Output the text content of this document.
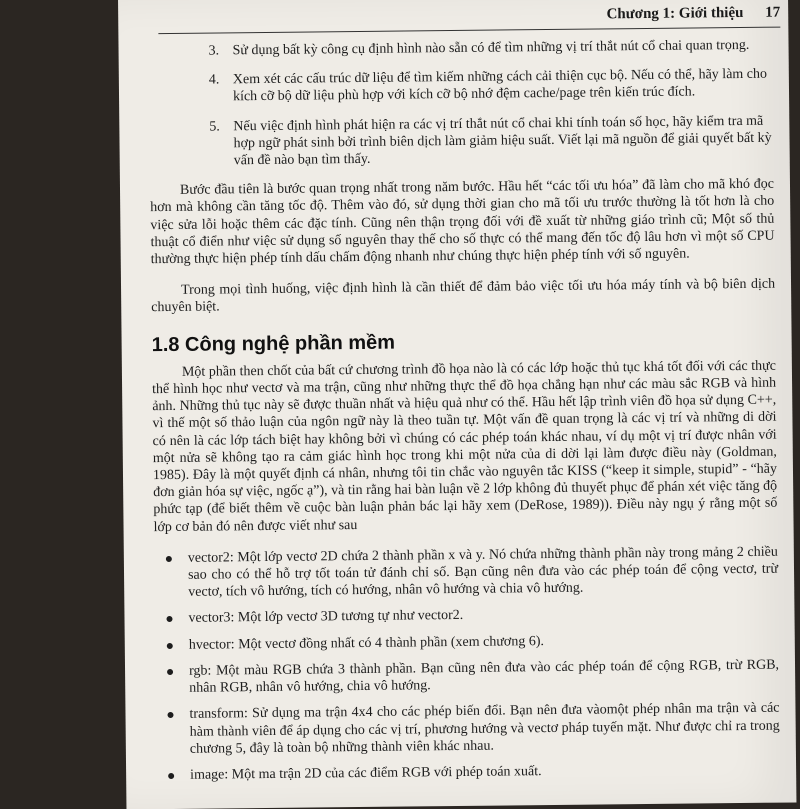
Chương 1: Giới thiệu 17
3. Sử dụng bất kỳ công cụ định hình nào sẵn có để tìm những vị trí thắt nút cổ chai quan trọng.
4. Xem xét các cấu trúc dữ liệu để tìm kiếm những cách cải thiện cục bộ. Nếu có thể, hãy làm cho kích cỡ bộ dữ liệu phù hợp với kích cỡ bộ nhớ đệm cache/page trên kiến trúc đích.
5. Nếu việc định hình phát hiện ra các vị trí thắt nút cổ chai khi tính toán số học, hãy kiểm tra mã hợp ngữ phát sinh bởi trình biên dịch làm giảm hiệu suất. Viết lại mã nguồn để giải quyết bất kỳ vấn đề nào bạn tìm thấy.

Bước đầu tiên là bước quan trọng nhất trong năm bước. Hầu hết “các tối ưu hóa” đã làm cho mã khó đọc hơn mà không cần tăng tốc độ. Thêm vào đó, sử dụng thời gian cho mã tối ưu trước thường là tốt hơn là cho việc sửa lỗi hoặc thêm các đặc tính. Cũng nên thận trọng đối với đề xuất từ những giáo trình cũ; Một số thủ thuật cổ điển như việc sử dụng số nguyên thay thế cho số thực có thể mang đến tốc độ lâu hơn vì một số CPU thường thực hiện phép tính dấu chấm động nhanh như chúng thực hiện phép tính với số nguyên.

Trong mọi tình huống, việc định hình là cần thiết để đảm bảo việc tối ưu hóa máy tính và bộ biên dịch chuyên biệt.

1.8 Công nghệ phần mềm

Một phần then chốt của bất cứ chương trình đồ họa nào là có các lớp hoặc thủ tục khá tốt đối với các thực thể hình học như vectơ và ma trận, cũng như những thực thể đồ họa chẳng hạn như các màu sắc RGB và hình ảnh. Những thủ tục này sẽ được thuần nhất và hiệu quả như có thể. Hầu hết lập trình viên đồ họa sử dụng C++, vì thế một số thảo luận của ngôn ngữ này là theo tuần tự. Một vấn đề quan trọng là các vị trí và những di dời có nên là các lớp tách biệt hay không bởi vì chúng có các phép toán khác nhau, ví dụ một vị trí được nhân với một nửa sẽ không tạo ra cảm giác hình học trong khi một nửa của di dời lại làm được điều này (Goldman, 1985). Đây là một quyết định cá nhân, nhưng tôi tin chắc vào nguyên tắc KISS (“keep it simple, stupid” - “hãy đơn giản hóa sự việc, ngốc ạ”), và tin rằng hai bàn luận về 2 lớp không đủ thuyết phục để phán xét việc tăng độ phức tạp (để biết thêm về cuộc bàn luận phản bác lại hãy xem (DeRose, 1989)). Điều này ngụ ý rằng một số lớp cơ bản đó nên được viết như sau

vector2: Một lớp vectơ 2D chứa 2 thành phần x và y. Nó chứa những thành phần này trong mảng 2 chiều sao cho có thể hỗ trợ tốt toán tử đánh chỉ số. Bạn cũng nên đưa vào các phép toán để cộng vectơ, trừ vectơ, tích vô hướng, tích có hướng, nhân vô hướng và chia vô hướng.
vector3: Một lớp vectơ 3D tương tự như vector2.
hvector: Một vectơ đồng nhất có 4 thành phần (xem chương 6).
rgb: Một màu RGB chứa 3 thành phần. Bạn cũng nên đưa vào các phép toán để cộng RGB, trừ RGB, nhân RGB, nhân vô hướng, chia vô hướng.
transform: Sử dụng ma trận 4x4 cho các phép biến đổi. Bạn nên đưa vàomột phép nhân ma trận và các hàm thành viên để áp dụng cho các vị trí, phương hướng và vectơ pháp tuyến mặt. Như được chỉ ra trong chương 5, đây là toàn bộ những thành viên khác nhau.
image: Một ma trận 2D của các điểm RGB với phép toán xuất.
